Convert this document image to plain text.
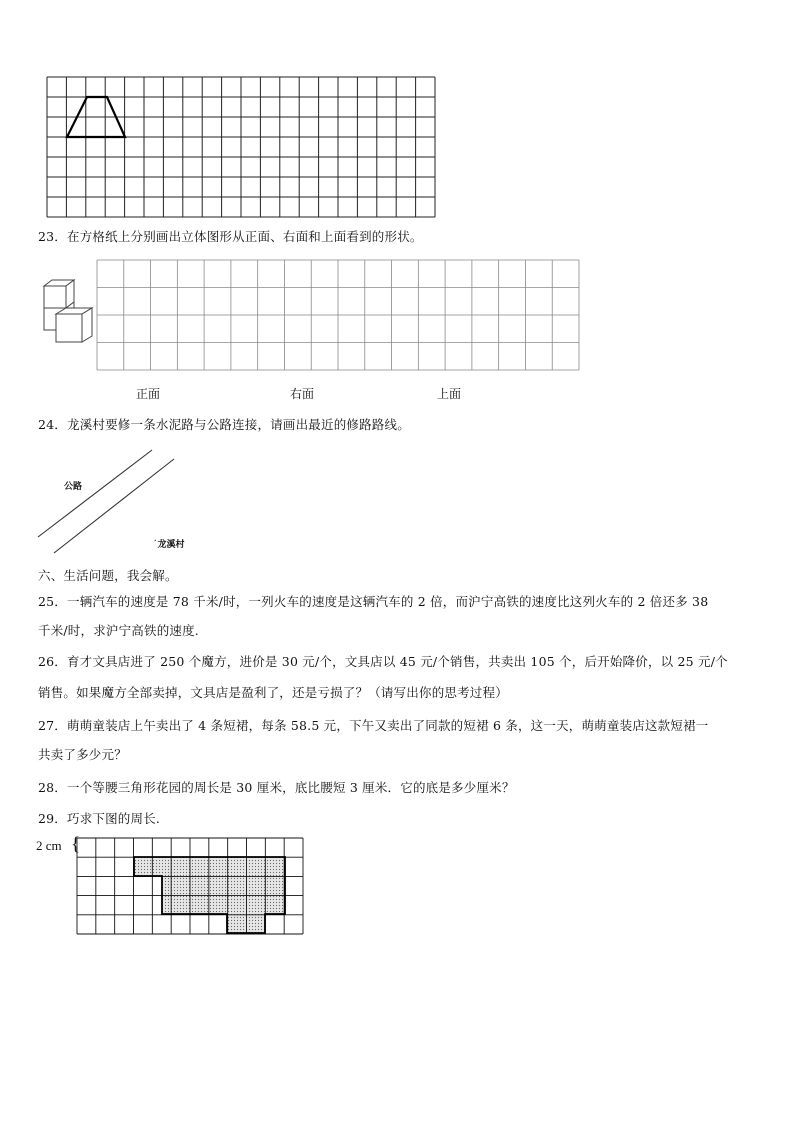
23．在方格纸上分别画出立体图形从正面、右面和上面看到的形状。
正面	右面	上面
24．龙溪村要修一条水泥路与公路连接，请画出最近的修路路线。
公路
˙龙溪村
六、生活问题，我会解。
25．一辆汽车的速度是 78 千米/时，一列火车的速度是这辆汽车的 2 倍，而沪宁高铁的速度比这列火车的 2 倍还多 38
千米/时，求沪宁高铁的速度.
26．育才文具店进了 250 个魔方，进价是 30 元/个，文具店以 45 元/个销售，共卖出 105 个，后开始降价，以 25 元/个
销售。如果魔方全部卖掉，文具店是盈利了，还是亏损了？（请写出你的思考过程）
27．萌萌童装店上午卖出了 4 条短裙，每条 58.5 元，下午又卖出了同款的短裙 6 条，这一天，萌萌童装店这款短裙一
共卖了多少元？
28．一个等腰三角形花园的周长是 30 厘米，底比腰短 3 厘米．它的底是多少厘米？
29．巧求下图的周长.
2 cm {
